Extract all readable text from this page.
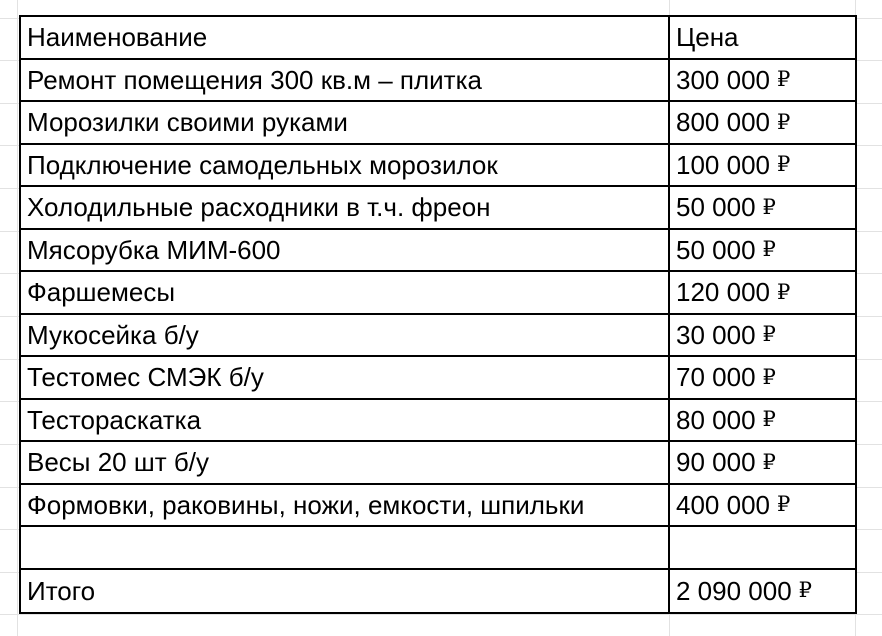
Наименование	Цена
Ремонт помещения 300 кв.м – плитка	300 000 ₽
Морозилки своими руками	800 000 ₽
Подключение самодельных морозилок	100 000 ₽
Холодильные расходники в т.ч. фреон	50 000 ₽
Мясорубка МИМ-600	50 000 ₽
Фаршемесы	120 000 ₽
Мукосейка б/у	30 000 ₽
Тестомес СМЭК б/у	70 000 ₽
Тестораскатка	80 000 ₽
Весы 20 шт б/у	90 000 ₽
Формовки, раковины, ножи, емкости, шпильки	400 000 ₽
Итого	2 090 000 ₽
